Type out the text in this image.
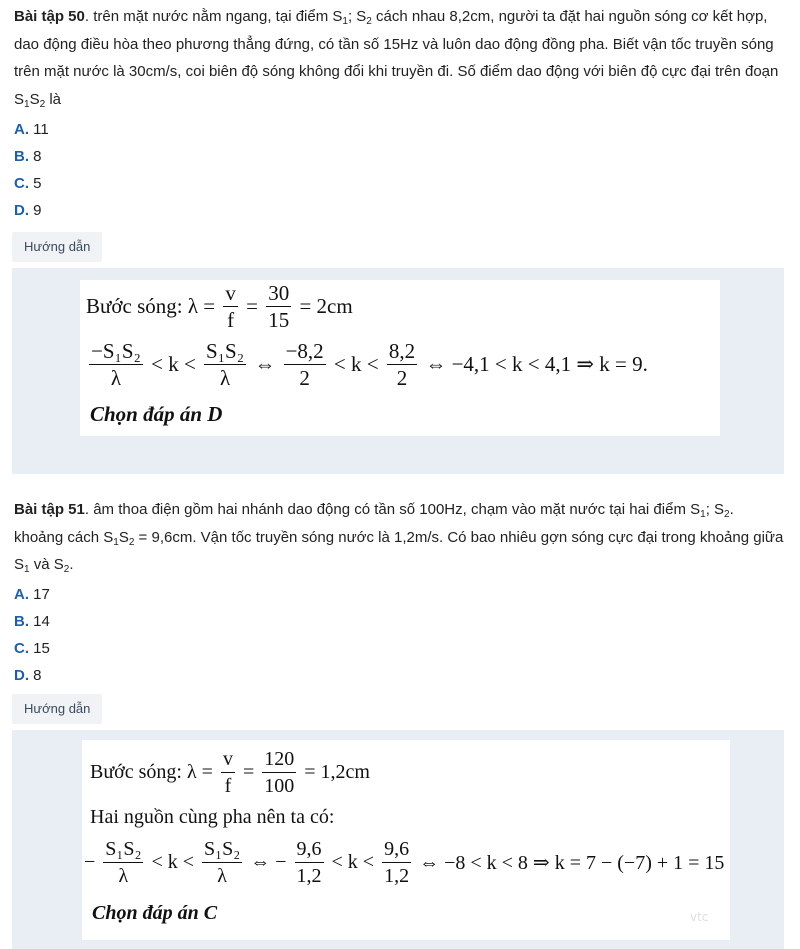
Bài tập 50. trên mặt nước nằm ngang, tại điểm $S_1$; $S_2$ cách nhau 8,2cm, người ta đặt hai nguồn sóng cơ kết hợp, dao động điều hòa theo phương thẳng đứng, có tần số 15Hz và luôn dao động đồng pha. Biết vận tốc truyền sóng trên mặt nước là 30cm/s, coi biên độ sóng không đổi khi truyền đi. Số điểm dao động với biên độ cực đại trên đoạn $S_1S_2$ là

A. 11
B. 8
C. 5
D. 9
Hướng dẫn
Bước sóng: $\lambda = \frac{v}{f} = \frac{30}{15} = 2cm$
$\frac{\text{−S₁S₂}}{\lambda} < k < \frac{\text{S₁S₂}}{\lambda}$ ⇔ $\frac{-8,2}{2} < k < \frac{8,2}{2}$ ⇔ −4,1 < k < 4,1 ⇒ k = 9.
Chọn đáp án D

Bài tập 51. âm thoa điện gồm hai nhánh dao động có tần số 100Hz, chạm vào mặt nước tại hai điểm $S_1$; $S_2$. khoảng cách $S_1S_2 = 9,6cm$. Vận tốc truyền sóng nước là 1,2m/s. Có bao nhiêu gợn sóng cực đại trong khoảng giữa $S_1$ và $S_2$.

A. 17
B. 14
C. 15
D. 8
Hướng dẫn
Bước sóng: $\lambda = \frac{v}{f} = \frac{120}{100} = 1,2cm$
Hai nguồn cùng pha nên ta có:
− $\frac{\text{S₁S₂}}{\lambda} < k < \frac{\text{S₁S₂}}{\lambda}$ ⇔ − $\frac{9,6}{1,2} < k < \frac{9,6}{1,2}$ ⇔ −8 < k < 8 ⇒ k = 7 − (−7) + 1 = 15
Chọn đáp án C	vtc
